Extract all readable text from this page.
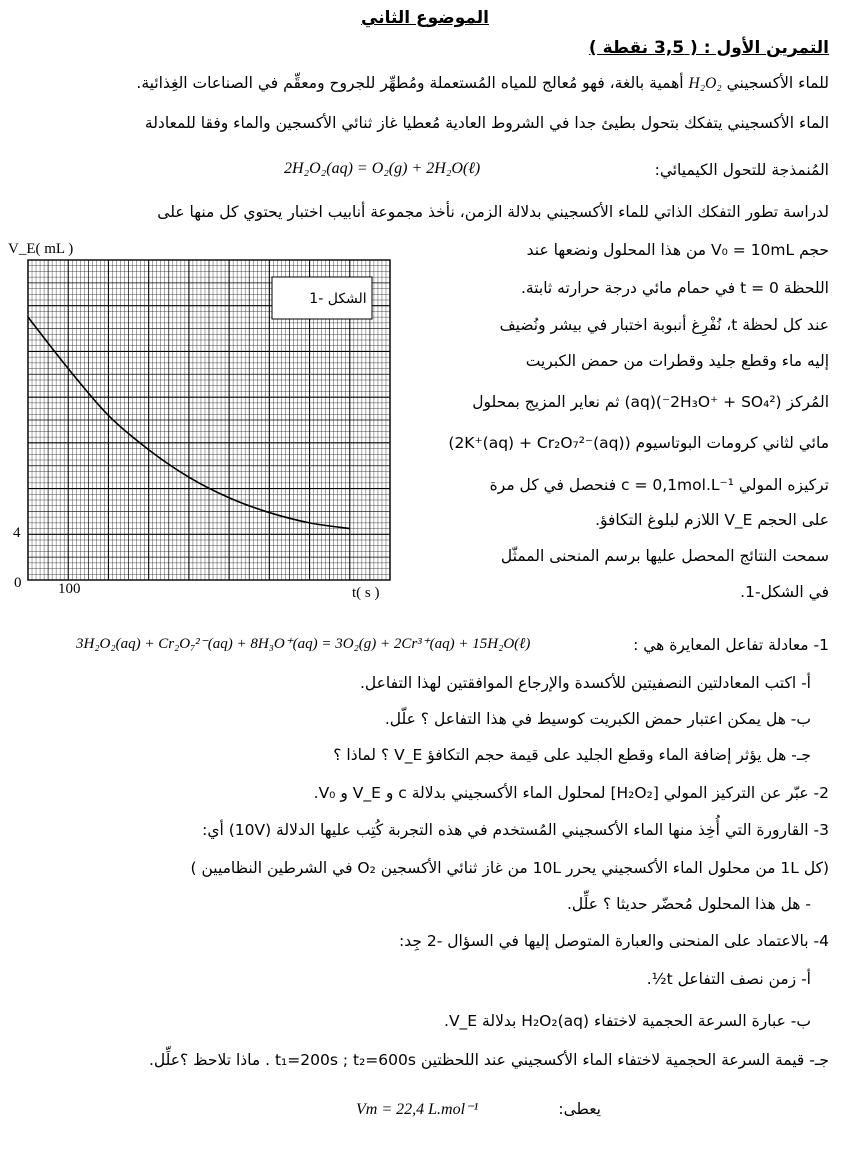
الموضوع الثاني
التمرين الأول : ( 3,5 نقطة )
للماء الأكسجيني H₂O₂ أهمية بالغة، فهو مُعالج للمياه المُستعملة ومُطهِّر للجروح ومعقِّم في الصناعات الغِذائية.
الماء الأكسجيني يتفكك بتحول بطيئ جدا في الشروط العادية مُعطيا غاز ثنائي الأكسجين والماء وفقا للمعادلة
المُنمذجة للتحول الكيميائي:
2H₂O₂(aq) = O₂(g) + 2H₂O(ℓ)
لدراسة تطور التفكك الذاتي للماء الأكسجيني بدلالة الزمن، نأخذ مجموعة أنابيب اختبار يحتوي كل منها على
حجم V₀ = 10mL من هذا المحلول ونضعها عند
اللحظة t = 0 في حمام مائي درجة حرارته ثابتة.
عند كل لحظة t، نُفْرِغ أنبوبة اختبار في بيشر ونُضيف
إليه ماء وقطع جليد وقطرات من حمض الكبريت
المُركز (2H₃O⁺ + SO₄²⁻)(aq) ثم نعاير المزيج بمحلول
مائي لثاني كرومات البوتاسيوم (2K⁺(aq) + Cr₂O₇²⁻(aq))
تركيزه المولي c = 0,1mol.L⁻¹ فنحصل في كل مرة
على الحجم V_E اللازم لبلوغ التكافؤ.
سمحت النتائج المحصل عليها برسم المنحنى الممثّل
في الشكل-1.
الشكل -1
V_E( mL )
t( s )
4
100
0
1- معادلة تفاعل المعايرة هي :
3H₂O₂(aq) + Cr₂O₇²⁻(aq) + 8H₃O⁺(aq) = 3O₂(g) + 2Cr³⁺(aq) + 15H₂O(ℓ)
أ- اكتب المعادلتين النصفيتين للأكسدة والإرجاع الموافقتين لهذا التفاعل.
ب- هل يمكن اعتبار حمض الكبريت كوسيط في هذا التفاعل ؟ علّل.
جـ- هل يؤثر إضافة الماء وقطع الجليد على قيمة حجم التكافؤ V_E ؟ لماذا ؟
2- عبّر عن التركيز المولي [H₂O₂] لمحلول الماء الأكسجيني بدلالة c و V_E و V₀.
3- القارورة التي أُخِذ منها الماء الأكسجيني المُستخدم في هذه التجربة كُتِب عليها الدلالة (10V) أي:
(كل 1L من محلول الماء الأكسجيني يحرر 10L من غاز ثنائي الأكسجين O₂ في الشرطين النظاميين )
- هل هذا المحلول مُحضّر حديثا ؟ علِّل.
4- بالاعتماد على المنحنى والعبارة المتوصل إليها في السؤال -2 جِد:
أ- زمن نصف التفاعل t½.
ب- عبارة السرعة الحجمية لاختفاء H₂O₂(aq) بدلالة V_E.
جـ- قيمة السرعة الحجمية لاختفاء الماء الأكسجيني عند اللحظتين t₁=200s ; t₂=600s . ماذا تلاحظ ؟علِّل.
يعطى:
Vm = 22,4 L.mol⁻¹
